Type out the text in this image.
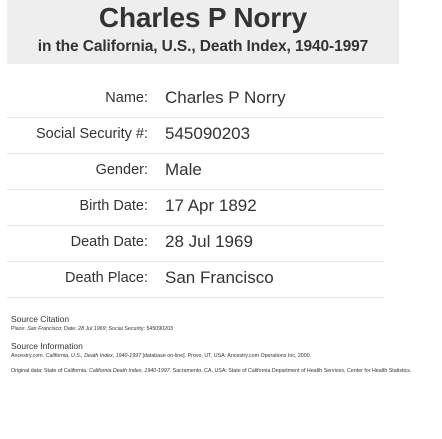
Charles P Norry
in the California, U.S., Death Index, 1940-1997
Name: Charles P Norry
Social Security #: 545090203
Gender: Male
Birth Date: 17 Apr 1892
Death Date: 28 Jul 1969
Death Place: San Francisco
Source Citation
Place: San Francisco; Date: 28 Jul 1969; Social Security: 545090203
Source Information
Ancestry.com. California, U.S., Death Index, 1940-1997 [database on-line]. Provo, UT, USA: Ancestry.com Operations Inc, 2000.
Original data: State of California. California Death Index, 1940-1997. Sacramento, CA, USA: State of California Department of Health Services, Center for Health Statistics.
